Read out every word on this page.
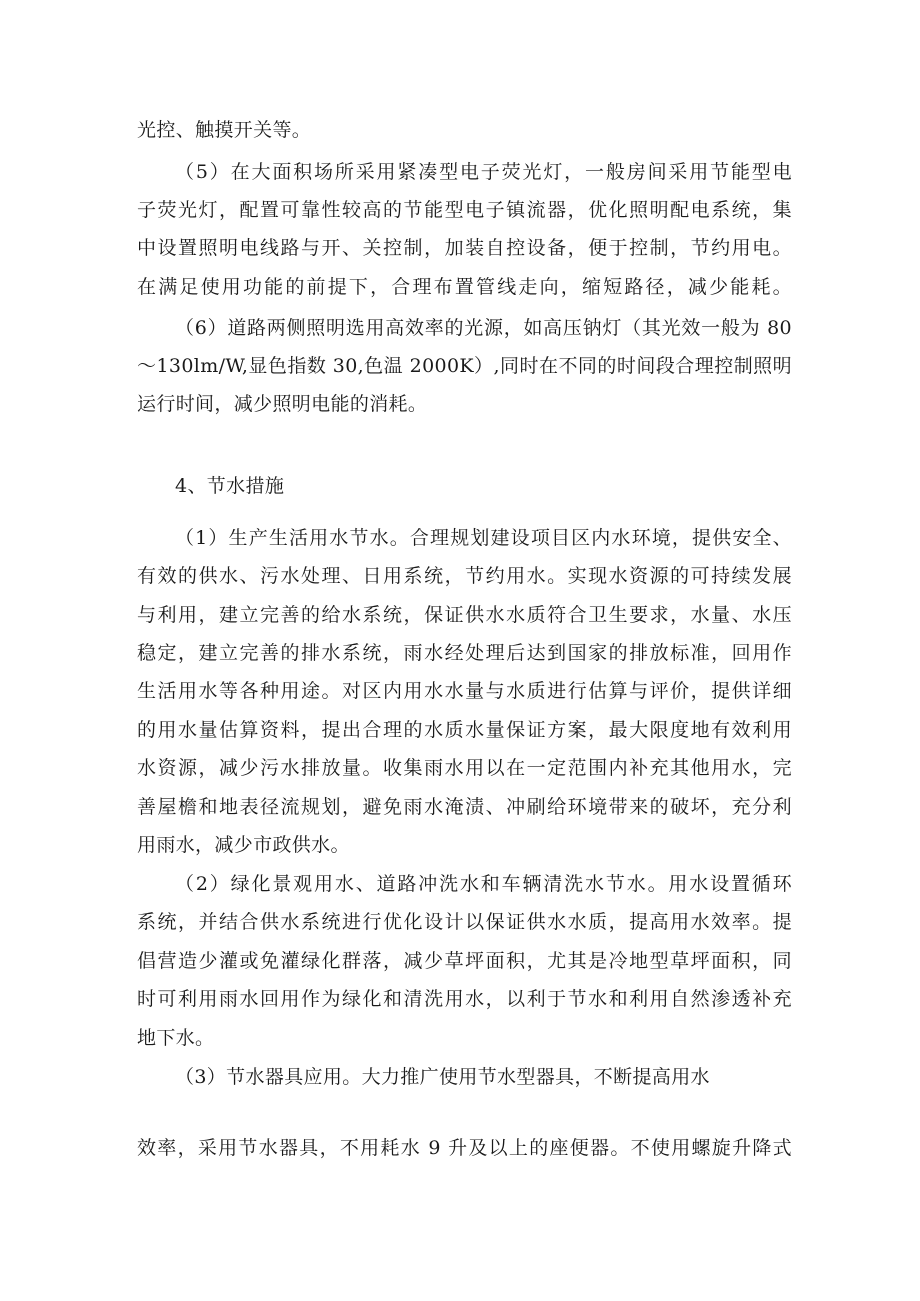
光控、触摸开关等。
（5）在大面积场所采用紧凑型电子荧光灯，一般房间采用节能型电
子荧光灯，配置可靠性较高的节能型电子镇流器，优化照明配电系统，集
中设置照明电线路与开、关控制，加装自控设备，便于控制，节约用电。
在满足使用功能的前提下，合理布置管线走向，缩短路径，减少能耗。
（6）道路两侧照明选用高效率的光源，如高压钠灯（其光效一般为 80
～130lm/W,显色指数 30,色温 2000K）,同时在不同的时间段合理控制照明
运行时间，减少照明电能的消耗。
4、节水措施
（1）生产生活用水节水。合理规划建设项目区内水环境，提供安全、
有效的供水、污水处理、日用系统，节约用水。实现水资源的可持续发展
与利用，建立完善的给水系统，保证供水水质符合卫生要求，水量、水压
稳定，建立完善的排水系统，雨水经处理后达到国家的排放标准，回用作
生活用水等各种用途。对区内用水水量与水质进行估算与评价，提供详细
的用水量估算资料，提出合理的水质水量保证方案，最大限度地有效利用
水资源，减少污水排放量。收集雨水用以在一定范围内补充其他用水，完
善屋檐和地表径流规划，避免雨水淹渍、冲刷给环境带来的破坏，充分利
用雨水，减少市政供水。
（2）绿化景观用水、道路冲洗水和车辆清洗水节水。用水设置循环
系统，并结合供水系统进行优化设计以保证供水水质，提高用水效率。提
倡营造少灌或免灌绿化群落，减少草坪面积，尤其是冷地型草坪面积，同
时可利用雨水回用作为绿化和清洗用水，以利于节水和利用自然渗透补充
地下水。
（3）节水器具应用。大力推广使用节水型器具，不断提高用水
效率，采用节水器具，不用耗水 9 升及以上的座便器。不使用螺旋升降式
